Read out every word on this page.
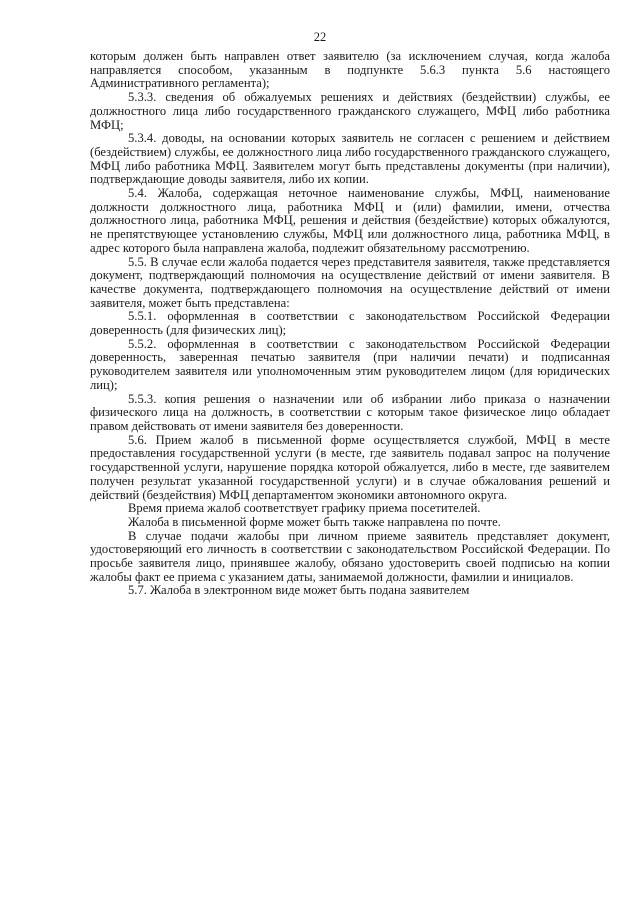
22

которым должен быть направлен ответ заявителю (за исключением случая, когда жалоба направляется способом, указанным в подпункте 5.6.3 пункта 5.6 настоящего Административного регламента);

5.3.3. сведения об обжалуемых решениях и действиях (бездействии) службы, ее должностного лица либо государственного гражданского служащего, МФЦ либо работника МФЦ;

5.3.4. доводы, на основании которых заявитель не согласен с решением и действием (бездействием) службы, ее должностного лица либо государственного гражданского служащего, МФЦ либо работника МФЦ. Заявителем могут быть представлены документы (при наличии), подтверждающие доводы заявителя, либо их копии.

5.4. Жалоба, содержащая неточное наименование службы, МФЦ, наименование должности должностного лица, работника МФЦ и (или) фамилии, имени, отчества должностного лица, работника МФЦ, решения и действия (бездействие) которых обжалуются, не препятствующее установлению службы, МФЦ или должностного лица, работника МФЦ, в адрес которого была направлена жалоба, подлежит обязательному рассмотрению.

5.5. В случае если жалоба подается через представителя заявителя, также представляется документ, подтверждающий полномочия на осуществление действий от имени заявителя. В качестве документа, подтверждающего полномочия на осуществление действий от имени заявителя, может быть представлена:

5.5.1. оформленная в соответствии с законодательством Российской Федерации доверенность (для физических лиц);

5.5.2. оформленная в соответствии с законодательством Российской Федерации доверенность, заверенная печатью заявителя (при наличии печати) и подписанная руководителем заявителя или уполномоченным этим руководителем лицом (для юридических лиц);

5.5.3. копия решения о назначении или об избрании либо приказа о назначении физического лица на должность, в соответствии с которым такое физическое лицо обладает правом действовать от имени заявителя без доверенности.

5.6. Прием жалоб в письменной форме осуществляется службой, МФЦ в месте предоставления государственной услуги (в месте, где заявитель подавал запрос на получение государственной услуги, нарушение порядка которой обжалуется, либо в месте, где заявителем получен результат указанной государственной услуги) и в случае обжалования решений и действий (бездействия) МФЦ департаментом экономики автономного округа.

Время приема жалоб соответствует графику приема посетителей.

Жалоба в письменной форме может быть также направлена по почте.

В случае подачи жалобы при личном приеме заявитель представляет документ, удостоверяющий его личность в соответствии с законодательством Российской Федерации. По просьбе заявителя лицо, принявшее жалобу, обязано удостоверить своей подписью на копии жалобы факт ее приема с указанием даты, занимаемой должности, фамилии и инициалов.

5.7. Жалоба в электронном виде может быть подана заявителем
